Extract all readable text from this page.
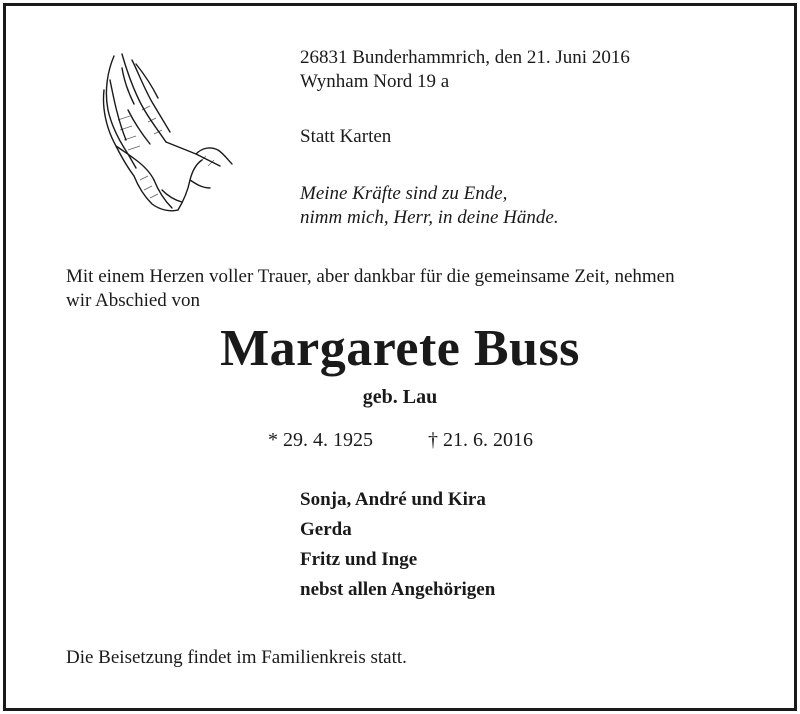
26831 Bunderhammrich, den 21. Juni 2016
Wynham Nord 19 a
Statt Karten
Meine Kräfte sind zu Ende,
nimm mich, Herr, in deine Hände.
Mit einem Herzen voller Trauer, aber dankbar für die gemeinsame Zeit, nehmen
wir Abschied von
Margarete Buss
geb. Lau
* 29. 4. 1925	† 21. 6. 2016
Sonja, André und Kira
Gerda
Fritz und Inge
nebst allen Angehörigen
Die Beisetzung findet im Familienkreis statt.
